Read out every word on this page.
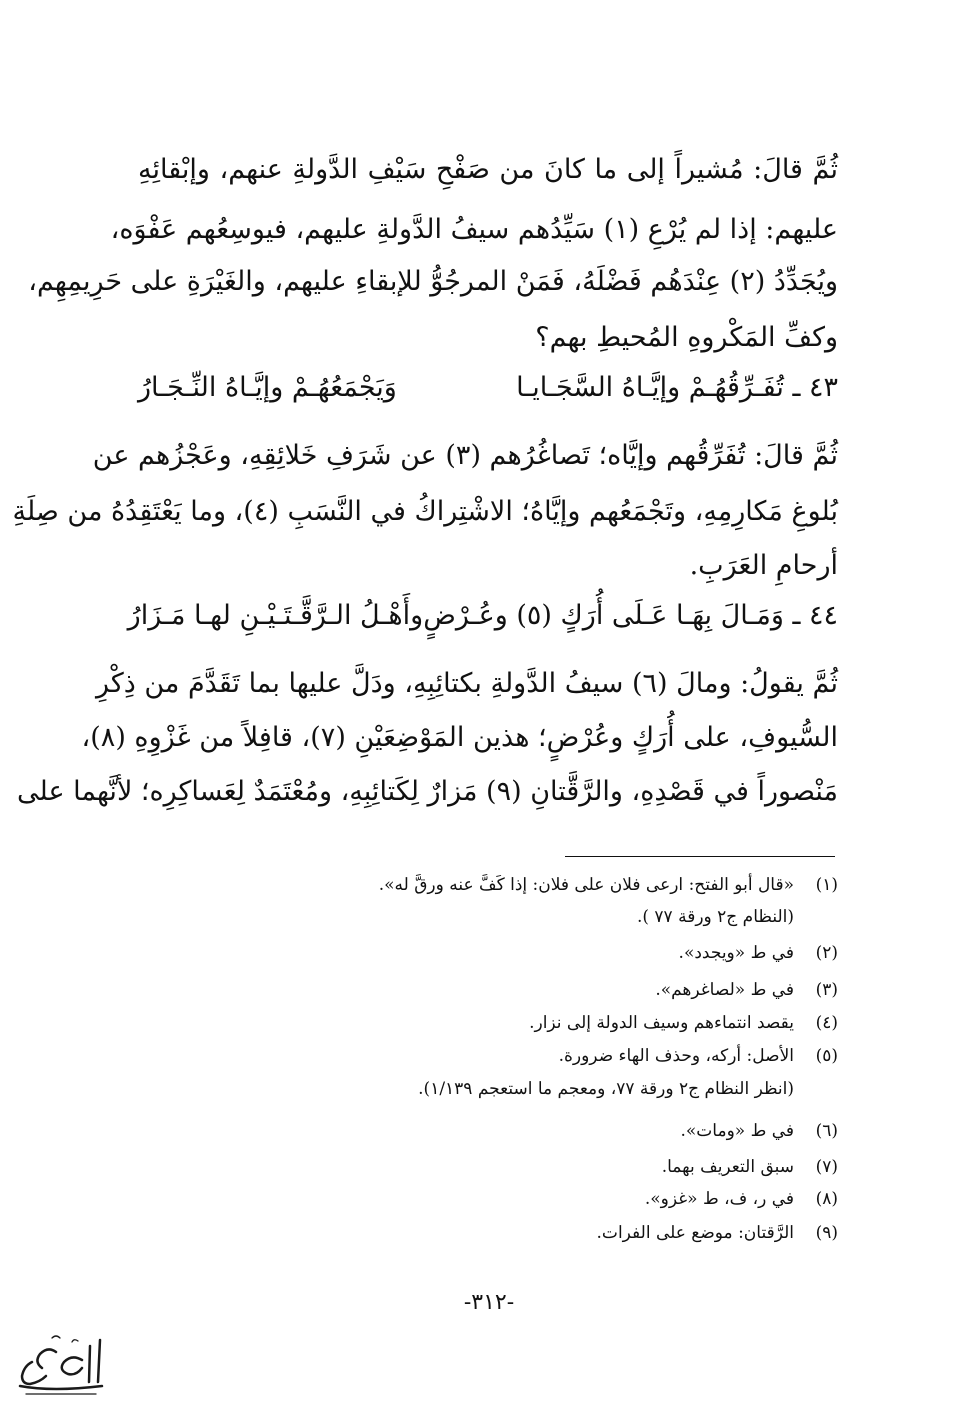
ثُمَّ قالَ: مُشيراً إلى ما كانَ من صَفْحِ سَيْفِ الدَّولةِ عنهم، وإبْقائِهِ
عليهم: إذا لم يُرْعِ (١) سَيِّدُهم سيفُ الدَّولةِ عليهم، فيوسِعُهم عَفْوَه،
ويُجَدِّدُ (٢) عِنْدَهُم فَضْلَهُ، فَمَنْ المرجُوُّ للإبقاءِ عليهم، والغَيْرَةِ على حَرِيمِهِم،
وكفِّ المَكْروهِ المُحيطِ بهم؟
٤٣ ـ تُفَـرِّقُهُـمْ وإيَّـاهُ السَّجَـايـا
وَيَجْمَعُهُـمْ وإيَّـاهُ النِّـجَـارُ
ثُمَّ قالَ: تُفَرِّقُهم وإيَّاه؛ تَصاغُرُهم (٣) عن شَرَفِ خَلائِقِهِ، وعَجْزُهم عن
بُلوغِ مَكارِمِهِ، وتَجْمَعُهم وإيَّاهُ؛ الاشْتِراكُ في النَّسَبِ (٤)، وما يَعْتَقِدُهُ من صِلَةِ
أرحامِ العَرَبِ.
٤٤ ـ وَمَـالَ بِهَـا عَـلَى أُرَكٍ (٥) وعُـرْضٍ
وأَهْـلُ الـرَّقَّـتَـيْـنِ لهـا مَـزَارُ
ثُمَّ يقولُ: ومالَ (٦) سيفُ الدَّولةِ بكتائِبِهِ، ودَلَّ عليها بما تَقَدَّمَ من ذِكْرِ
السُّيوفِ، على أُرَكٍ وعُرْضٍ؛ هذين المَوْضِعَيْنِ (٧)، قافِلاً من غَزْوِهِ (٨)،
مَنْصوراً في قَصْدِهِ، والرَّقَّتانِ (٩) مَزارٌ لِكَتائِبِهِ، ومُعْتَمَدٌ لِعَساكِرِه؛ لأنَّهما على
(١)«قال أبو الفتح: ارعى فلان على فلان: إذا كَفَّ عنه ورقَّ له».
(النظام ج٢ ورقة ٧٧ ).
(٢)في ط «ويجدد».
(٣)في ط «لصاغرهم».
(٤)يقصد انتماءهم وسيف الدولة إلى نزار.
(٥)الأصل: أركه، وحذف الهاء ضرورة.
(انظر النظام ج٢ ورقة ٧٧، ومعجم ما استعجم ١/١٣٩).
(٦)في ط «ومات».
(٧)سبق التعريف بهما.
(٨)في ر، ف، ط «غزو».
(٩)الرَّقتان: موضع على الفرات.
-٣١٢-
